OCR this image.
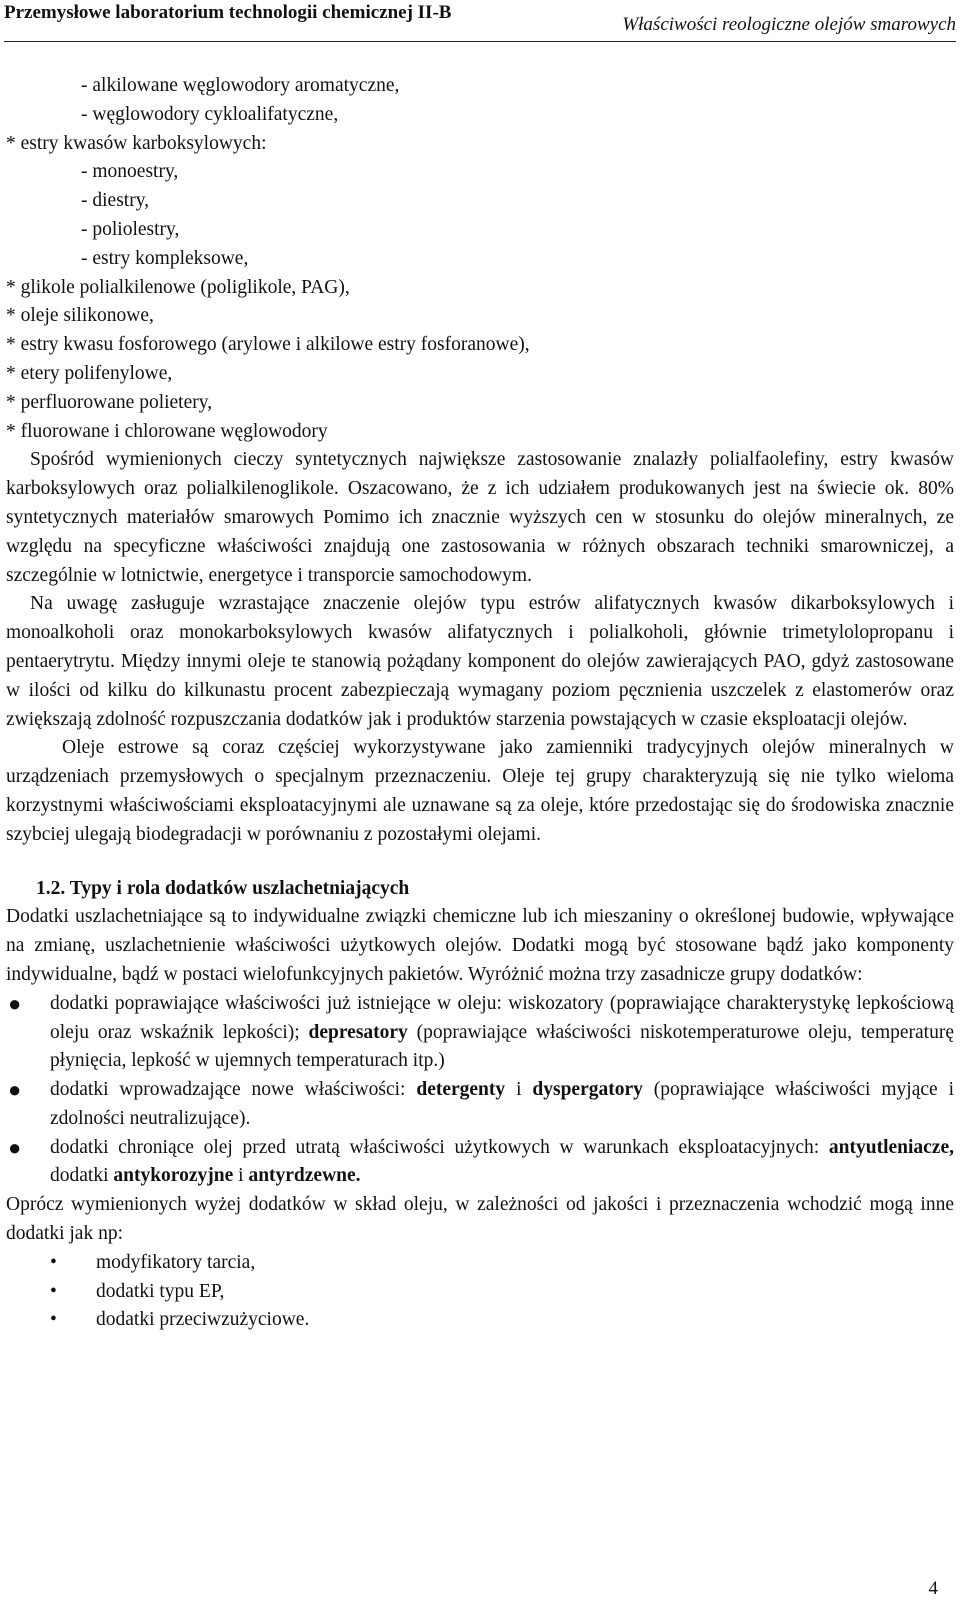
Przemysłowe laboratorium technologii chemicznej II-B
Właściwości reologiczne olejów smarowych
- alkilowane węglowodory aromatyczne,
- węglowodory cykloalifatyczne,
* estry kwasów karboksylowych:
- monoestry,
- diestry,
- poliolestry,
- estry kompleksowe,
* glikole polialkilenowe (poliglikole, PAG),
* oleje silikonowe,
* estry kwasu fosforowego (arylowe i alkilowe estry fosforanowe),
* etery polifenylowe,
* perfluorowane polietery,
* fluorowane i chlorowane węglowodory
Spośród wymienionych cieczy syntetycznych największe zastosowanie znalazły polialfaolefiny, estry kwasów karboksylowych oraz polialkilenoglikole. Oszacowano, że z ich udziałem produkowanych jest na świecie ok. 80% syntetycznych materiałów smarowych Pomimo ich znacznie wyższych cen w stosunku do olejów mineralnych, ze względu na specyficzne właściwości znajdują one zastosowania w różnych obszarach techniki smarowniczej, a szczególnie w lotnictwie, energetyce i transporcie samochodowym.
Na uwagę zasługuje wzrastające znaczenie olejów typu estrów alifatycznych kwasów dikarboksylowych i monoalkoholi oraz monokarboksylowych kwasów alifatycznych i polialkoholi, głównie trimetylolopropanu i pentaerytrytu. Między innymi oleje te stanowią pożądany komponent do olejów zawierających PAO, gdyż zastosowane w ilości od kilku do kilkunastu procent zabezpieczają wymagany poziom pęcznienia uszczelek z elastomerów oraz zwiększają zdolność rozpuszczania dodatków jak i produktów starzenia powstających w czasie eksploatacji olejów.
Oleje estrowe są coraz częściej wykorzystywane jako zamienniki tradycyjnych olejów mineralnych w urządzeniach przemysłowych o specjalnym przeznaczeniu. Oleje tej grupy charakteryzują się nie tylko wieloma korzystnymi właściwościami eksploatacyjnymi ale uznawane są za oleje, które przedostając się do środowiska znacznie szybciej ulegają biodegradacji w porównaniu z pozostałymi olejami.
1.2. Typy i rola dodatków uszlachetniających
Dodatki uszlachetniające są to indywidualne związki chemiczne lub ich mieszaniny o określonej budowie, wpływające na zmianę, uszlachetnienie właściwości użytkowych olejów. Dodatki mogą być stosowane bądź jako komponenty indywidualne, bądź w postaci wielofunkcyjnych pakietów. Wyróżnić można trzy zasadnicze grupy dodatków:
● dodatki poprawiające właściwości już istniejące w oleju: wiskozatory (poprawiające charakterystykę lepkościową oleju oraz wskaźnik lepkości); depresatory (poprawiające właściwości niskotemperaturowe oleju, temperaturę płynięcia, lepkość w ujemnych temperaturach itp.)
● dodatki wprowadzające nowe właściwości: detergenty i dyspergatory (poprawiające właściwości myjące i zdolności neutralizujące).
● dodatki chroniące olej przed utratą właściwości użytkowych w warunkach eksploatacyjnych: antyutleniacze, dodatki antykorozyjne i antyrdzewne.
Oprócz wymienionych wyżej dodatków w skład oleju, w zależności od jakości i przeznaczenia wchodzić mogą inne dodatki jak np:
• modyfikatory tarcia,
• dodatki typu EP,
• dodatki przeciwzużyciowe.
4
